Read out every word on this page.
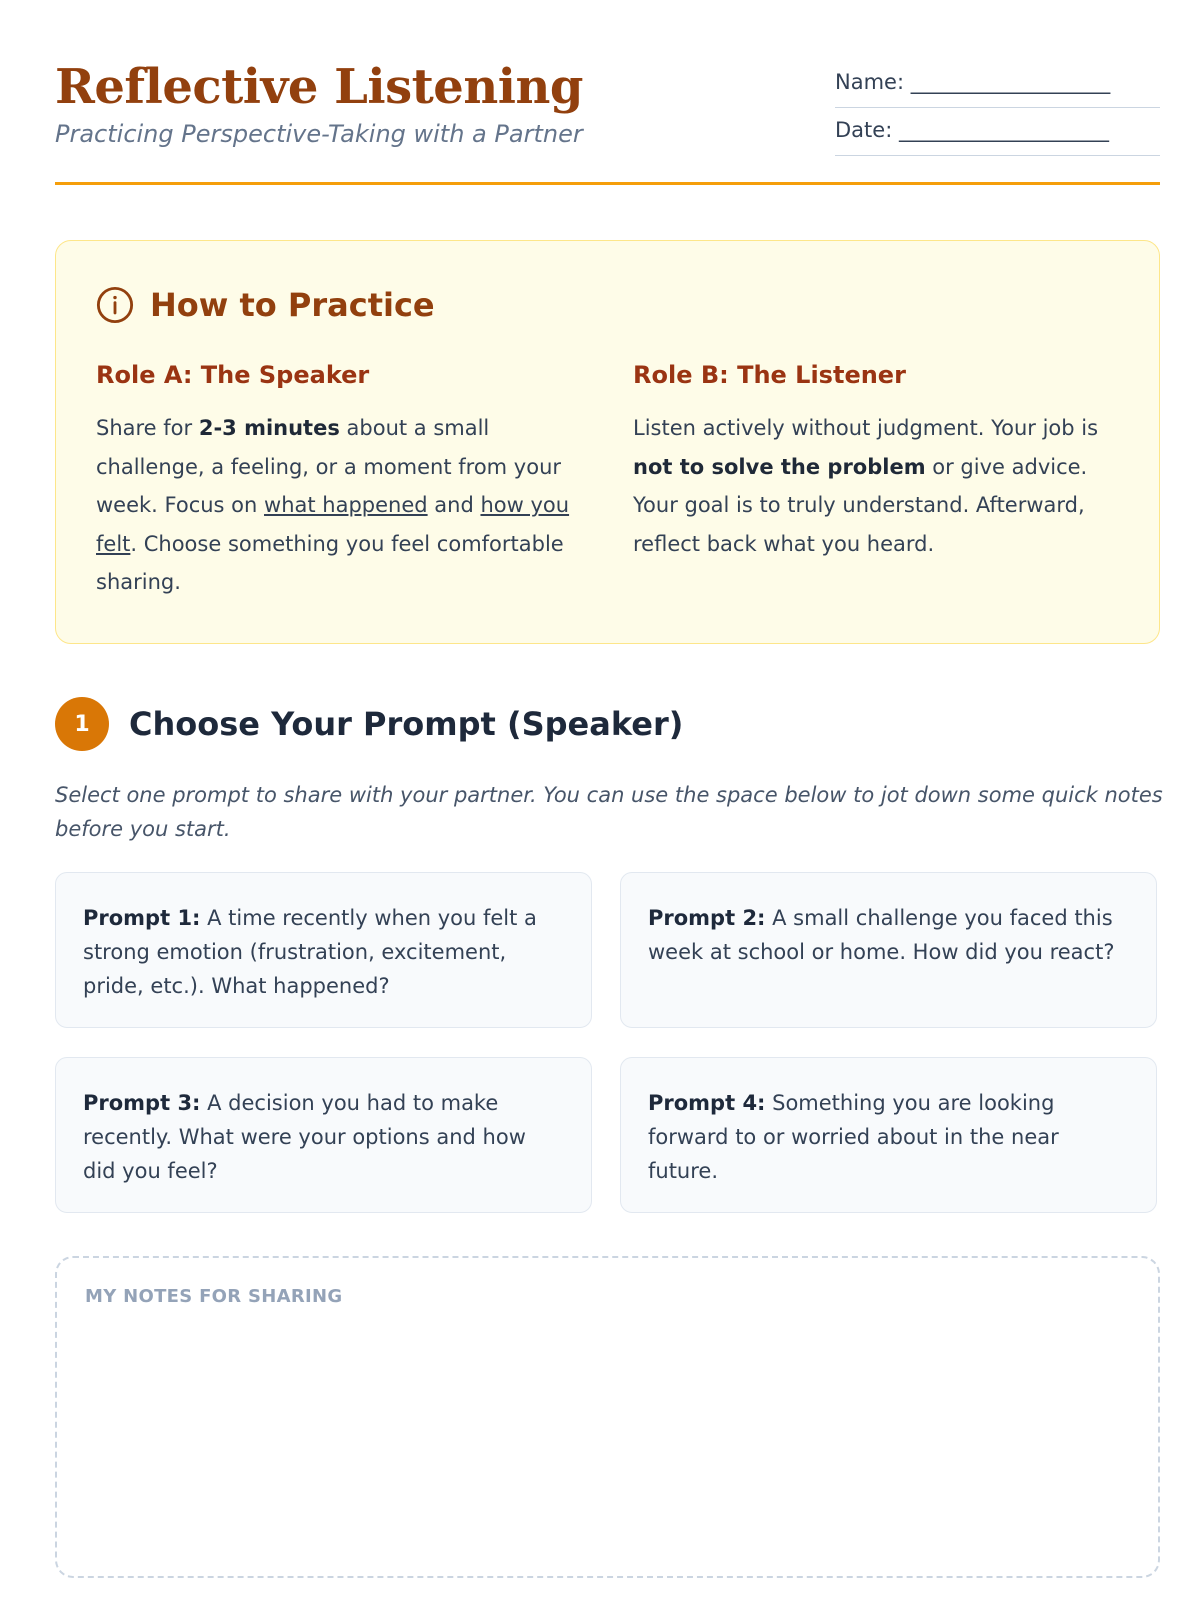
Reflective Listening
Practicing Perspective-Taking with a Partner
Name: ___________________
Date: ____________________
How to Practice
Role A: The Speaker
Share for 2-3 minutes about a small challenge, a feeling, or a moment from your week. Focus on what happened and how you felt. Choose something you feel comfortable sharing.
Role B: The Listener
Listen actively without judgment. Your job is not to solve the problem or give advice. Your goal is to truly understand. Afterward, reflect back what you heard.
1	Choose Your Prompt (Speaker)
Select one prompt to share with your partner. You can use the space below to jot down some quick notes before you start.
Prompt 1: A time recently when you felt a strong emotion (frustration, excitement, pride, etc.). What happened?
Prompt 2: A small challenge you faced this week at school or home. How did you react?
Prompt 3: A decision you had to make recently. What were your options and how did you feel?
Prompt 4: Something you are looking forward to or worried about in the near future.
MY NOTES FOR SHARING
